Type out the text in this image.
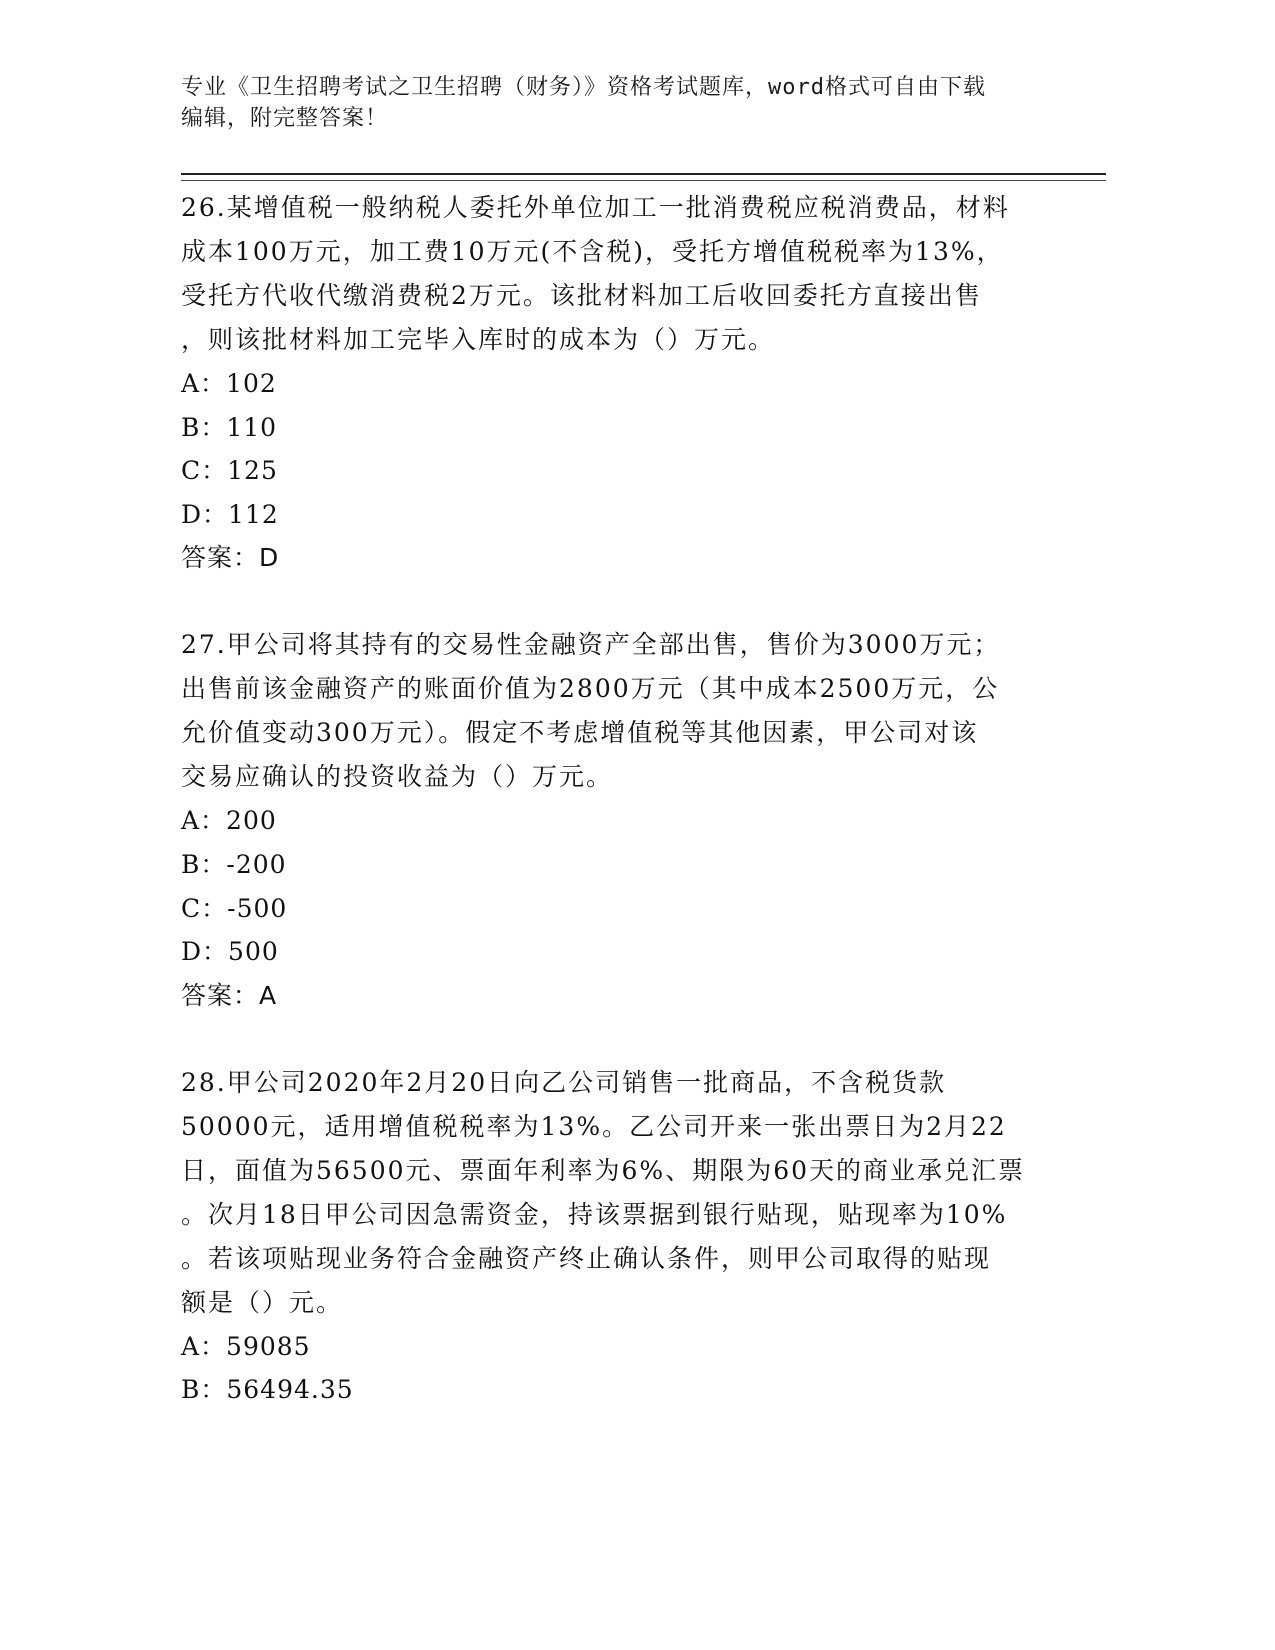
专业《卫生招聘考试之卫生招聘（财务）》资格考试题库，word格式可自由下载
编辑，附完整答案！
26.某增值税一般纳税人委托外单位加工一批消费税应税消费品，材料
成本100万元，加工费10万元(不含税)，受托方增值税税率为13%，
受托方代收代缴消费税2万元。该批材料加工后收回委托方直接出售
，则该批材料加工完毕入库时的成本为（）万元。
A：102
B：110
C：125
D：112
答案：D
27.甲公司将其持有的交易性金融资产全部出售，售价为3000万元；
出售前该金融资产的账面价值为2800万元（其中成本2500万元，公
允价值变动300万元）。假定不考虑增值税等其他因素，甲公司对该
交易应确认的投资收益为（）万元。
A：200
B：-200
C：-500
D：500
答案：A
28.甲公司2020年2月20日向乙公司销售一批商品，不含税货款
50000元，适用增值税税率为13%。乙公司开来一张出票日为2月22
日，面值为56500元、票面年利率为6%、期限为60天的商业承兑汇票
。次月18日甲公司因急需资金，持该票据到银行贴现，贴现率为10%
。若该项贴现业务符合金融资产终止确认条件，则甲公司取得的贴现
额是（）元。
A：59085
B：56494.35
